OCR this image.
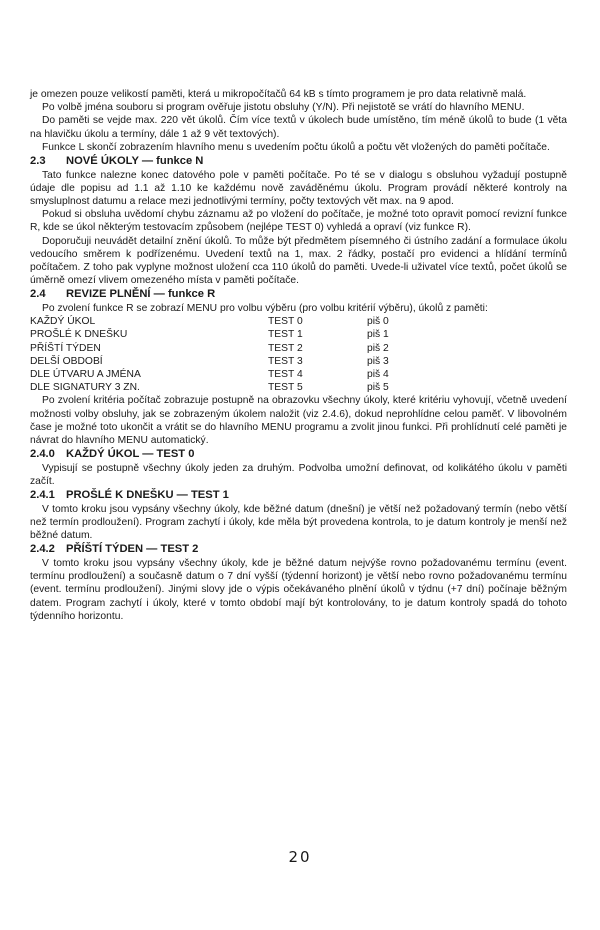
je omezen pouze velikostí paměti, která u mikropočítačů 64 kB s tímto programem je pro data relativně malá.

Po volbě jména souboru si program ověřuje jistotu obsluhy (Y/N). Při nejistotě se vrátí do hlavního MENU.

Do paměti se vejde max. 220 vět úkolů. Čím více textů v úkolech bude umístěno, tím méně úkolů to bude (1 věta na hlavičku úkolu a termíny, dále 1 až 9 vět textových).

Funkce L skončí zobrazením hlavního menu s uvedením počtu úkolů a počtu vět vložených do paměti počítače.

2.3 NOVÉ ÚKOLY — funkce N

Tato funkce nalezne konec datového pole v paměti počítače. Po té se v dialogu s obsluhou vyžadují postupně údaje dle popisu ad 1.1 až 1.10 ke každému nově zaváděnému úkolu. Program provádí některé kontroly na smysluplnost datumu a relace mezi jednotlivými termíny, počty textových vět max. na 9 apod.

Pokud si obsluha uvědomí chybu záznamu až po vložení do počítače, je možné toto opravit pomocí revizní funkce R, kde se úkol některým testovacím způsobem (nejlépe TEST 0) vyhledá a opraví (viz funkce R).

Doporučuji neuvádět detailní znění úkolů. To může být předmětem písemného či ústního zadání a formulace úkolu vedoucího směrem k podřízenému. Uvedení textů na 1, max. 2 řádky, postačí pro evidenci a hlídání termínů počítačem. Z toho pak vyplyne možnost uložení cca 110 úkolů do paměti. Uvede-li uživatel více textů, počet úkolů se úměrně omezí vlivem omezeného místa v paměti počítače.

2.4 REVIZE PLNĚNÍ — funkce R

Po zvolení funkce R se zobrazí MENU pro volbu výběru (pro volbu kritérií výběru), úkolů z paměti:

KAŽDÝ ÚKOL	TEST 0	piš 0
PROŠLÉ K DNEŠKU	TEST 1	piš 1
PŘÍŠTÍ TÝDEN	TEST 2	piš 2
DELŠÍ OBDOBÍ	TEST 3	piš 3
DLE ÚTVARU A JMÉNA	TEST 4	piš 4
DLE SIGNATURY 3 ZN.	TEST 5	piš 5

Po zvolení kritéria počítač zobrazuje postupně na obrazovku všechny úkoly, které kritériu vyhovují, včetně uvedení možnosti volby obsluhy, jak se zobrazeným úkolem naložit (viz 2.4.6), dokud neprohlídne celou paměť. V libovolném čase je možné toto ukončit a vrátit se do hlavního MENU programu a zvolit jinou funkci. Při prohlídnutí celé paměti je návrat do hlavního MENU automatický.

2.4.0 KAŽDÝ ÚKOL — TEST 0

Vypisují se postupně všechny úkoly jeden za druhým. Podvolba umožní definovat, od kolikátého úkolu v paměti začít.

2.4.1 PROŠLÉ K DNEŠKU — TEST 1

V tomto kroku jsou vypsány všechny úkoly, kde běžné datum (dnešní) je větší než požadovaný termín (nebo větší než termín prodloužení). Program zachytí i úkoly, kde měla být provedena kontrola, to je datum kontroly je menší než běžné datum.

2.4.2 PŘÍŠTÍ TÝDEN — TEST 2

V tomto kroku jsou vypsány všechny úkoly, kde je běžné datum nejvýše rovno požadovanému termínu (event. termínu prodloužení) a současně datum o 7 dní vyšší (týdenní horizont) je větší nebo rovno požadovanému termínu (event. termínu prodloužení). Jinými slovy jde o výpis očekávaného plnění úkolů v týdnu (+7 dní) počínaje běžným datem. Program zachytí i úkoly, které v tomto období mají být kontrolovány, to je datum kontroly spadá do tohoto týdenního horizontu.

20
